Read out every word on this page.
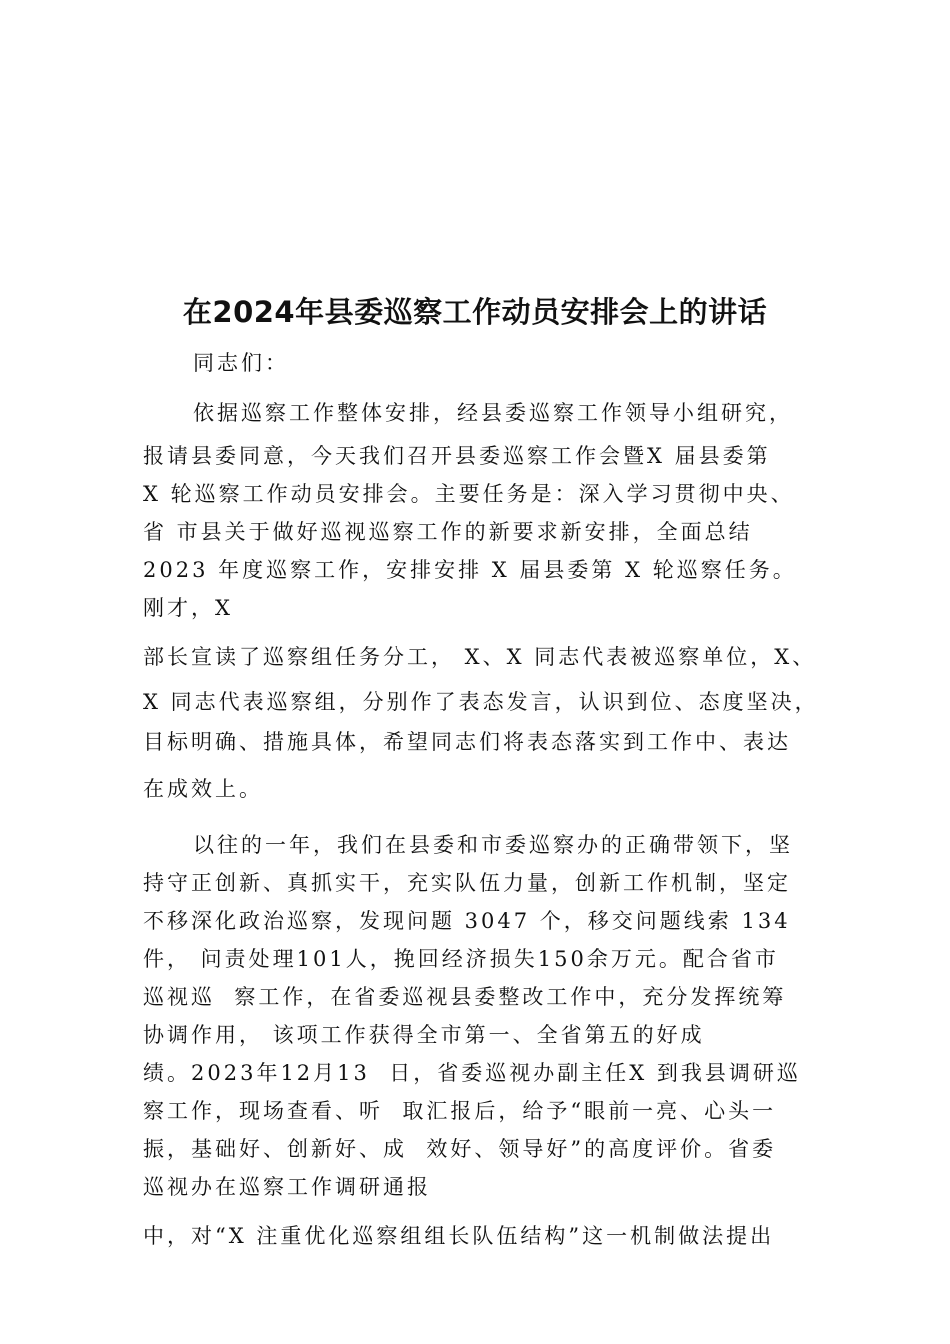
在2024年县委巡察工作动员安排会上的讲话
同志们：
依据巡察工作整体安排，经县委巡察工作领导小组研究，
报请县委同意，今天我们召开县委巡察工作会暨X 届县委第
X 轮巡察工作动员安排会。主要任务是：深入学习贯彻中央、
省 市县关于做好巡视巡察工作的新要求新安排，全面总结
2023 年度巡察工作，安排安排 X 届县委第 X 轮巡察任务。
刚才，X
部长宣读了巡察组任务分工， X、X 同志代表被巡察单位，X、
X 同志代表巡察组，分别作了表态发言，认识到位、态度坚决，
目标明确、措施具体，希望同志们将表态落实到工作中、表达
在成效上。
以往的一年，我们在县委和市委巡察办的正确带领下，坚
持守正创新、真抓实干，充实队伍力量，创新工作机制，坚定
不移深化政治巡察，发现问题 3047 个，移交问题线索 134
件， 问责处理101人，挽回经济损失150余万元。配合省市
巡视巡  察工作，在省委巡视县委整改工作中，充分发挥统筹
协调作用， 该项工作获得全市第一、全省第五的好成
绩。2023年12月13  日，省委巡视办副主任X 到我县调研巡
察工作，现场查看、听  取汇报后，给予“眼前一亮、心头一
振，基础好、创新好、成  效好、领导好”的高度评价。省委
巡视办在巡察工作调研通报
中，对“X 注重优化巡察组组长队伍结构”这一机制做法提出
